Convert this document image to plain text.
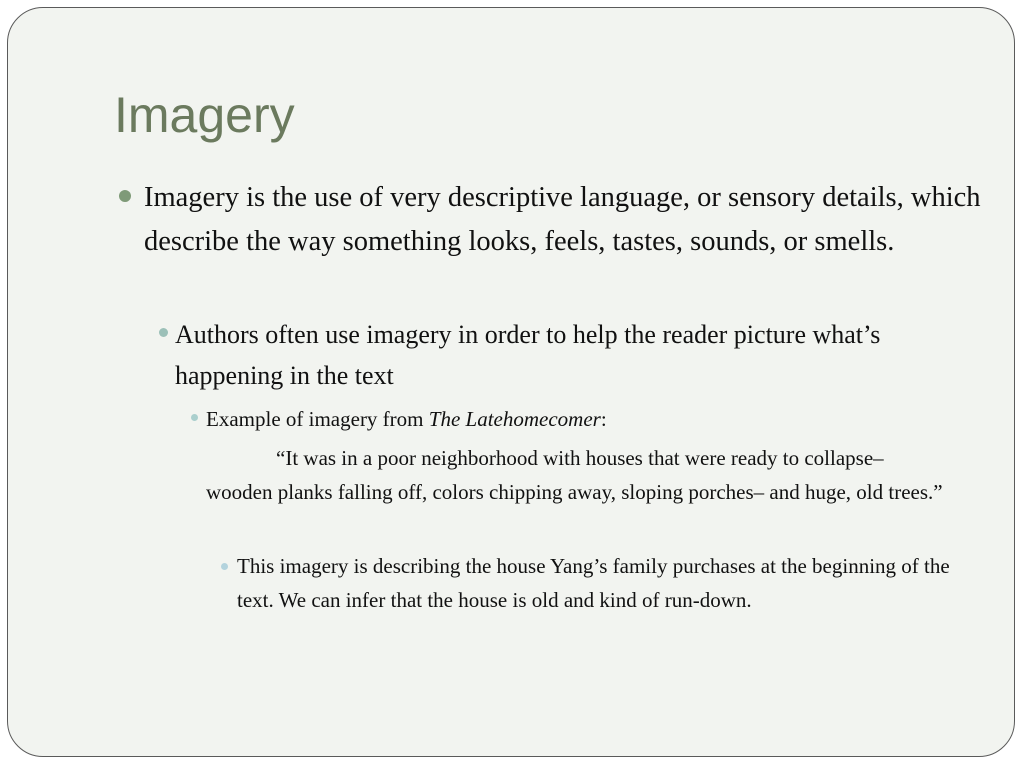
Imagery

Imagery is the use of very descriptive language, or sensory details, which describe the way something looks, feels, tastes, sounds, or smells.

Authors often use imagery in order to help the reader picture what’s happening in the text

Example of imagery from The Latehomecomer:

“It was in a poor neighborhood with houses that were ready to collapse– wooden planks falling off, colors chipping away, sloping porches– and huge, old trees.”

This imagery is describing the house Yang’s family purchases at the beginning of the text. We can infer that the house is old and kind of run-down.
